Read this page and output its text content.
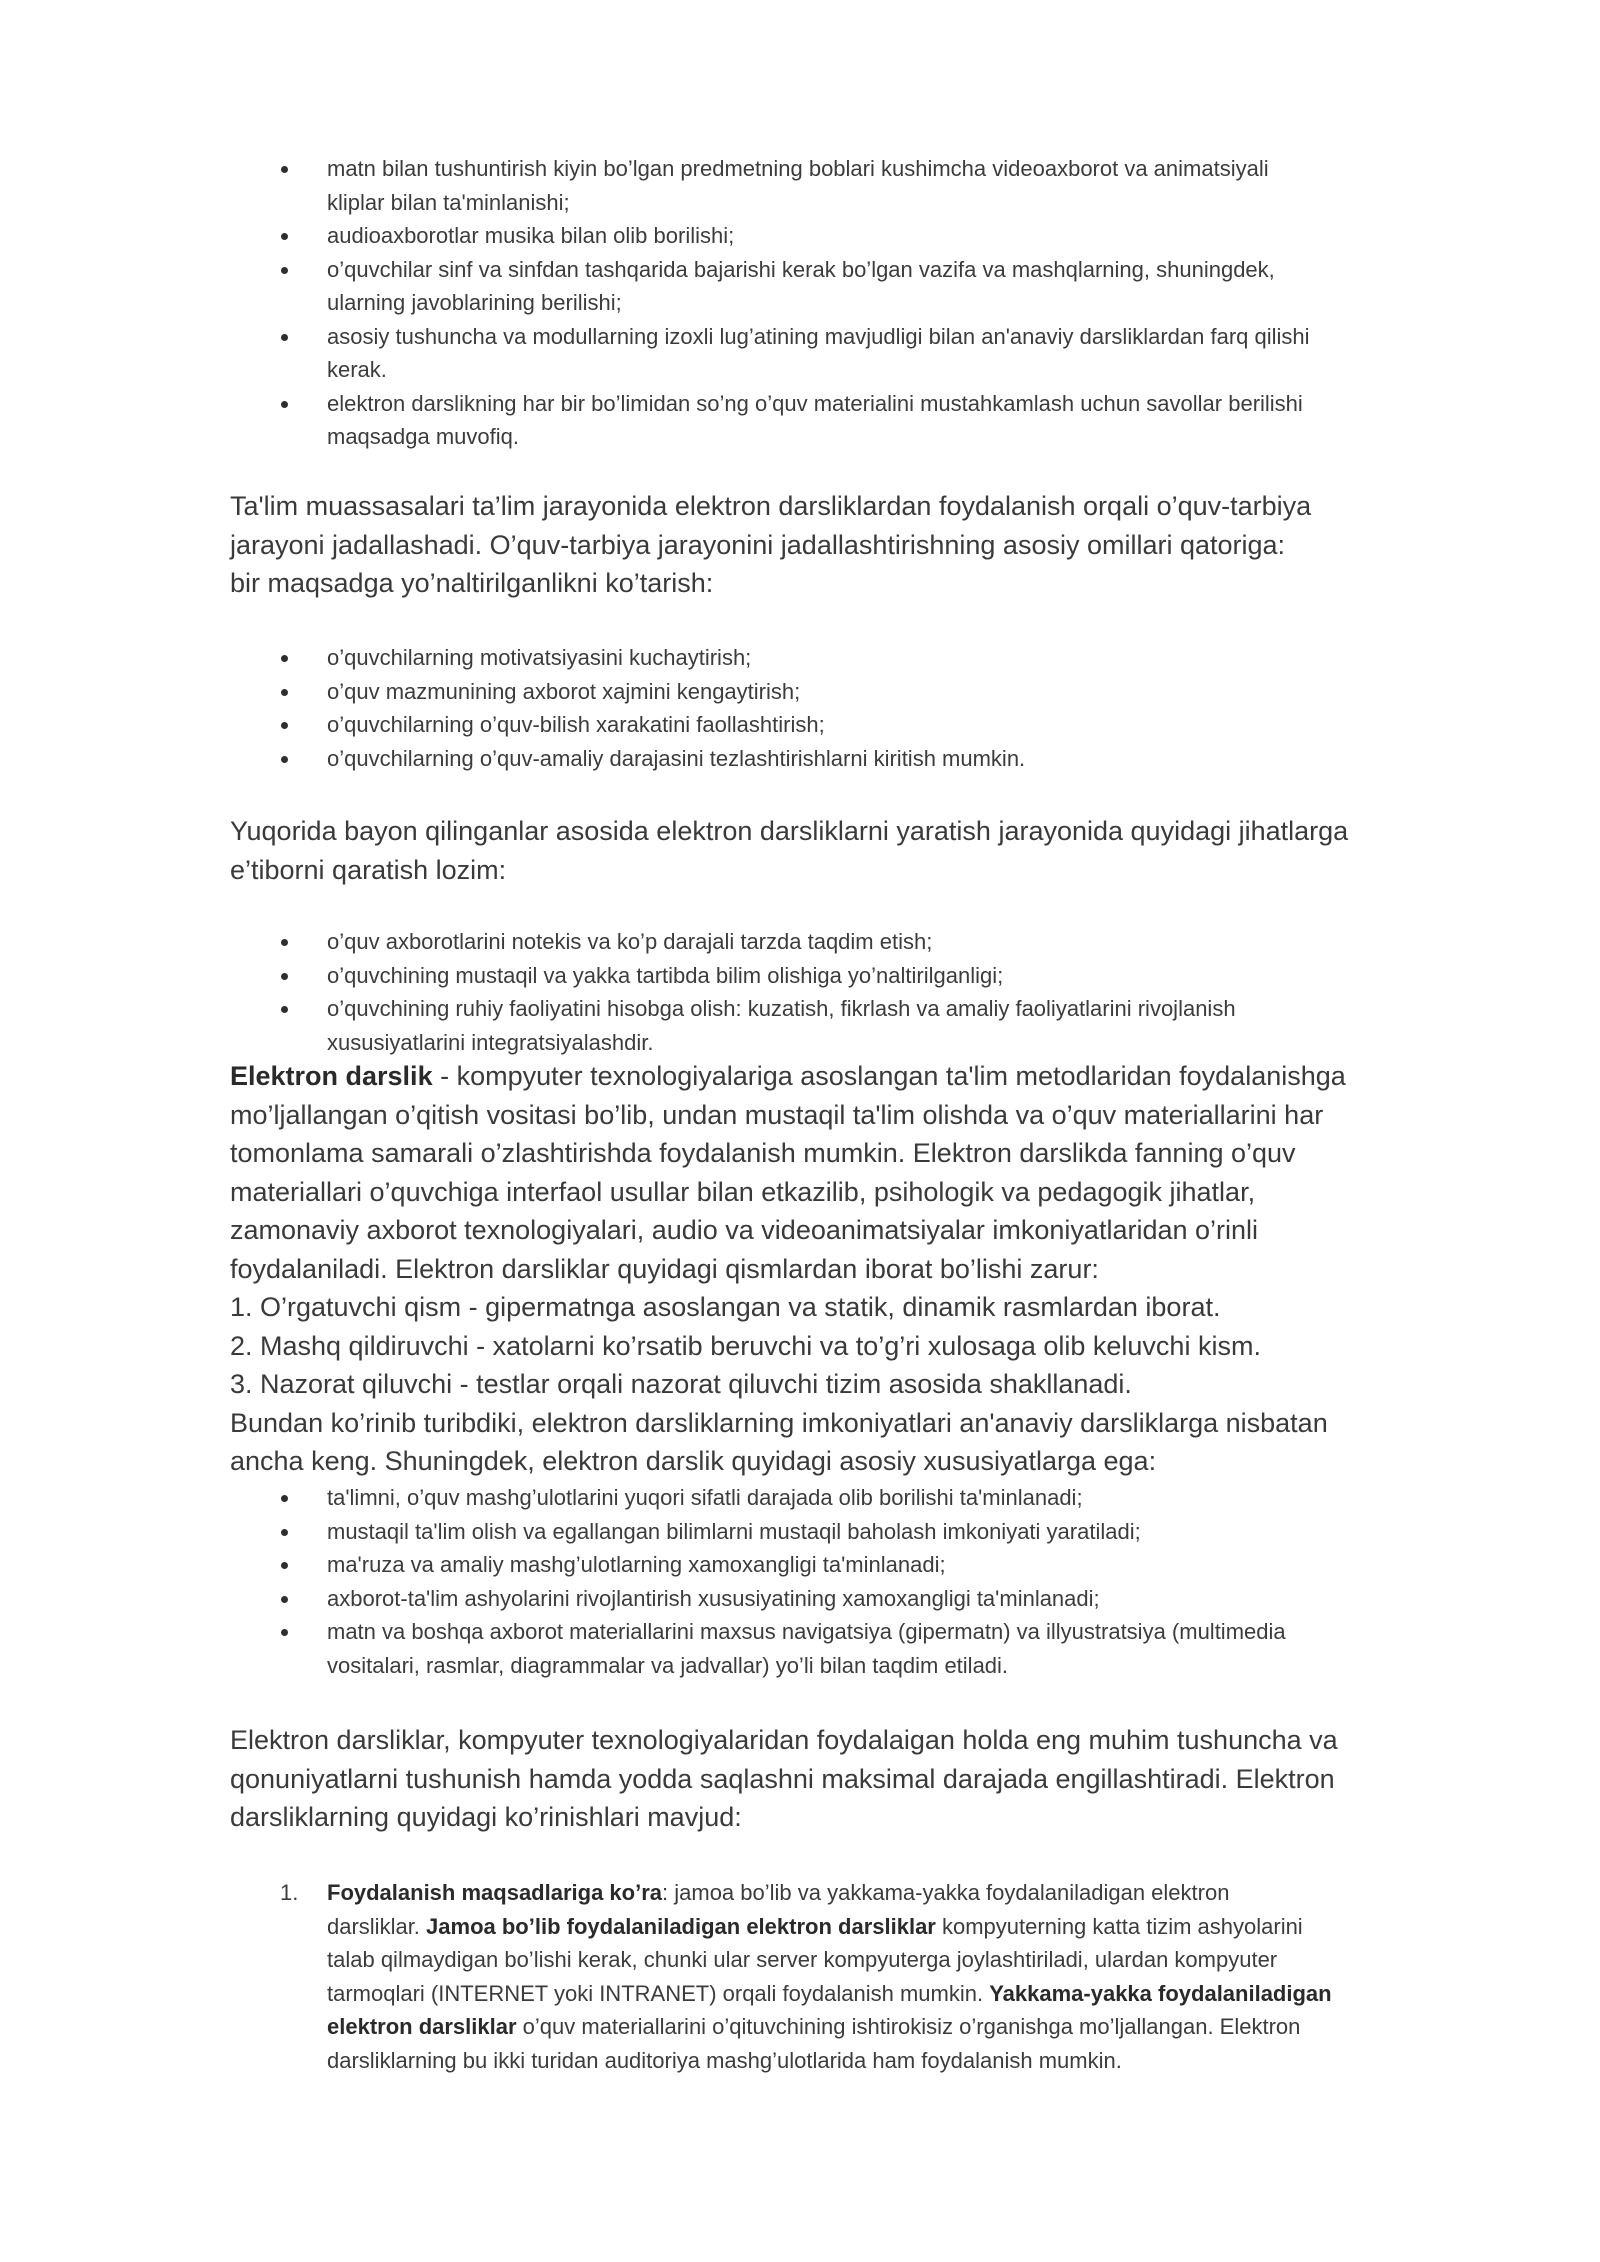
matn bilan tushuntirish kiyin bo’lgan predmetning boblari kushimcha videoaxborot va animatsiyali
kliplar bilan ta'minlanishi;
audioaxborotlar musika bilan olib borilishi;
o’quvchilar sinf va sinfdan tashqarida bajarishi kerak bo’lgan vazifa va mashqlarning, shuningdek,
ularning javoblarining berilishi;
asosiy tushuncha va modullarning izoxli lug’atining mavjudligi bilan an'anaviy darsliklardan farq qilishi
kerak.
elektron darslikning har bir bo’limidan so’ng o’quv materialini mustahkamlash uchun savollar berilishi
maqsadga muvofiq.

Ta'lim muassasalari ta’lim jarayonida elektron darsliklardan foydalanish orqali o’quv-tarbiya
jarayoni jadallashadi. O’quv-tarbiya jarayonini jadallashtirishning asosiy omillari qatoriga:
bir maqsadga yo’naltirilganlikni ko’tarish:

o’quvchilarning motivatsiyasini kuchaytirish;
o’quv mazmunining axborot xajmini kengaytirish;
o’quvchilarning o’quv-bilish xarakatini faollashtirish;
o’quvchilarning o’quv-amaliy darajasini tezlashtirishlarni kiritish mumkin.

Yuqorida bayon qilinganlar asosida elektron darsliklarni yaratish jarayonida quyidagi jihatlarga
e’tiborni qaratish lozim:

o’quv axborotlarini notekis va ko’p darajali tarzda taqdim etish;
o’quvchining mustaqil va yakka tartibda bilim olishiga yo’naltirilganligi;
o’quvchining ruhiy faoliyatini hisobga olish: kuzatish, fikrlash va amaliy faoliyatlarini rivojlanish
xususiyatlarini integratsiyalashdir.

Elektron darslik - kompyuter texnologiyalariga asoslangan ta'lim metodlaridan foydalanishga
mo’ljallangan o’qitish vositasi bo’lib, undan mustaqil ta'lim olishda va o’quv materiallarini har
tomonlama samarali o’zlashtirishda foydalanish mumkin. Elektron darslikda fanning o’quv
materiallari o’quvchiga interfaol usullar bilan etkazilib, psihologik va pedagogik jihatlar,
zamonaviy axborot texnologiyalari, audio va videoanimatsiyalar imkoniyatlaridan o’rinli
foydalaniladi. Elektron darsliklar quyidagi qismlardan iborat bo’lishi zarur:
1. O’rgatuvchi qism - gipermatnga asoslangan va statik, dinamik rasmlardan iborat.
2. Mashq qildiruvchi - xatolarni ko’rsatib beruvchi va to’g’ri xulosaga olib keluvchi kism.
3. Nazorat qiluvchi - testlar orqali nazorat qiluvchi tizim asosida shakllanadi.
Bundan ko’rinib turibdiki, elektron darsliklarning imkoniyatlari an'anaviy darsliklarga nisbatan
ancha keng. Shuningdek, elektron darslik quyidagi asosiy xususiyatlarga ega:

ta'limni, o’quv mashg’ulotlarini yuqori sifatli darajada olib borilishi ta'minlanadi;
mustaqil ta'lim olish va egallangan bilimlarni mustaqil baholash imkoniyati yaratiladi;
ma'ruza va amaliy mashg’ulotlarning xamoxangligi ta'minlanadi;
axborot-ta'lim ashyolarini rivojlantirish xususiyatining xamoxangligi ta'minlanadi;
matn va boshqa axborot materiallarini maxsus navigatsiya (gipermatn) va illyustratsiya (multimedia
vositalari, rasmlar, diagrammalar va jadvallar) yo’li bilan taqdim etiladi.

Elektron darsliklar, kompyuter texnologiyalaridan foydalaigan holda eng muhim tushuncha va
qonuniyatlarni tushunish hamda yodda saqlashni maksimal darajada engillashtiradi. Elektron
darsliklarning quyidagi ko’rinishlari mavjud:

1. Foydalanish maqsadlariga ko’ra: jamoa bo’lib va yakkama-yakka foydalaniladigan elektron
darsliklar. Jamoa bo’lib foydalaniladigan elektron darsliklar kompyuterning katta tizim ashyolarini
talab qilmaydigan bo’lishi kerak, chunki ular server kompyuterga joylashtiriladi, ulardan kompyuter
tarmoqlari (INTERNET yoki INTRANET) orqali foydalanish mumkin. Yakkama-yakka foydalaniladigan
elektron darsliklar o’quv materiallarini o’qituvchining ishtirokisiz o’rganishga mo’ljallangan. Elektron
darsliklarning bu ikki turidan auditoriya mashg’ulotlarida ham foydalanish mumkin.
